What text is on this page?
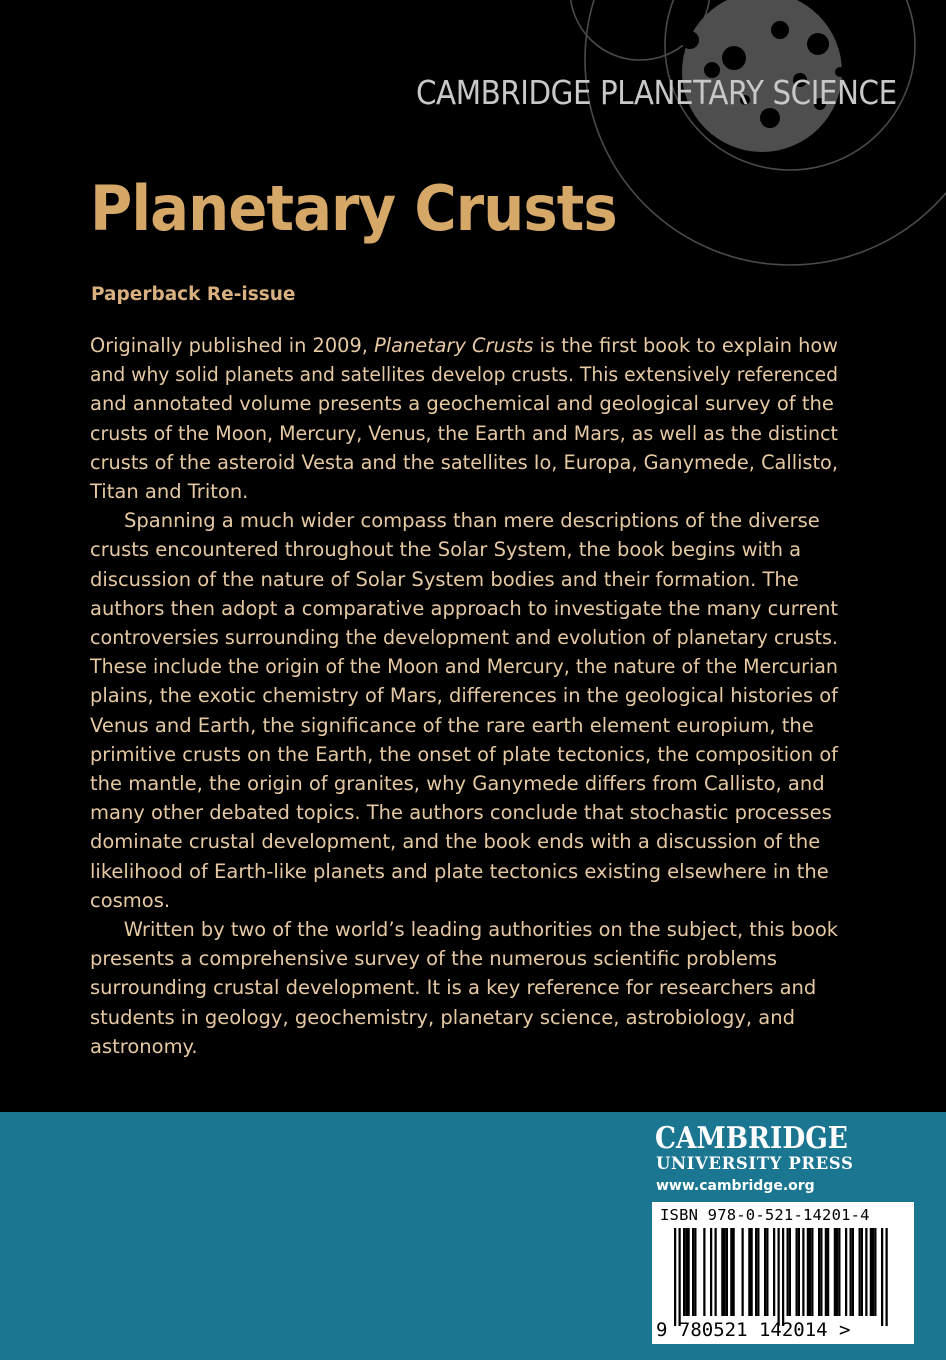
CAMBRIDGE PLANETARY SCIENCE
Planetary Crusts
Paperback Re-issue

Originally published in 2009, Planetary Crusts is the first book to explain how
and why solid planets and satellites develop crusts. This extensively referenced
and annotated volume presents a geochemical and geological survey of the
crusts of the Moon, Mercury, Venus, the Earth and Mars, as well as the distinct
crusts of the asteroid Vesta and the satellites Io, Europa, Ganymede, Callisto,
Titan and Triton.

Spanning a much wider compass than mere descriptions of the diverse
crusts encountered throughout the Solar System, the book begins with a
discussion of the nature of Solar System bodies and their formation. The
authors then adopt a comparative approach to investigate the many current
controversies surrounding the development and evolution of planetary crusts.
These include the origin of the Moon and Mercury, the nature of the Mercurian
plains, the exotic chemistry of Mars, differences in the geological histories of
Venus and Earth, the significance of the rare earth element europium, the
primitive crusts on the Earth, the onset of plate tectonics, the composition of
the mantle, the origin of granites, why Ganymede differs from Callisto, and
many other debated topics. The authors conclude that stochastic processes
dominate crustal development, and the book ends with a discussion of the
likelihood of Earth-like planets and plate tectonics existing elsewhere in the
cosmos.

Written by two of the world’s leading authorities on the subject, this book
presents a comprehensive survey of the numerous scientific problems
surrounding crustal development. It is a key reference for researchers and
students in geology, geochemistry, planetary science, astrobiology, and
astronomy.

CAMBRIDGE
UNIVERSITY PRESS
www.cambridge.org
ISBN 978-0-521-14201-4
9 780521 142014 >
